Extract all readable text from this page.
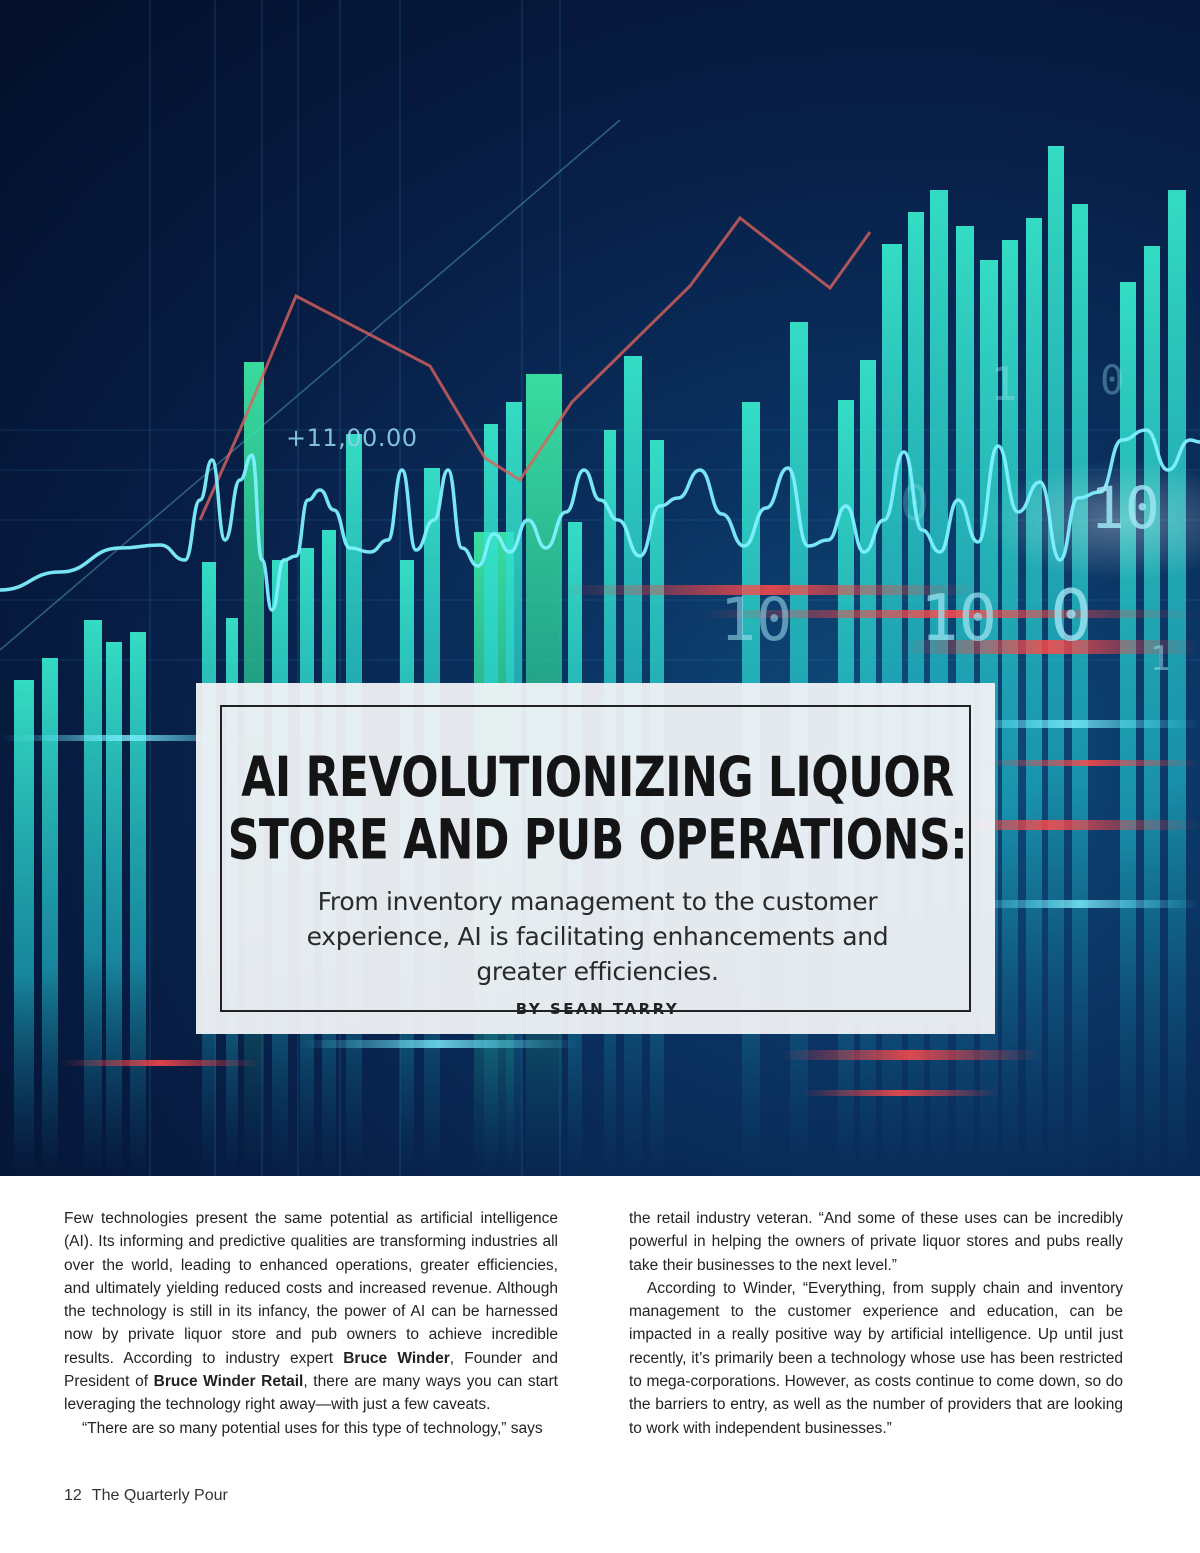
10
10 10 0
1 0
1
0
+11,00.00
AI REVOLUTIONIZING LIQUOR
STORE AND PUB OPERATIONS:

From inventory management to the customer
experience, AI is facilitating enhancements and
greater efficiencies.

BY SEAN TARRY

Few technologies present the same potential as artificial intelligence (AI). Its informing and predictive qualities are transforming industries all over the world, leading to enhanced operations, greater efficiencies, and ultimately yielding reduced costs and increased revenue. Although the technology is still in its infancy, the power of AI can be harnessed now by private liquor store and pub owners to achieve incredible results. According to industry expert Bruce Winder, Founder and President of Bruce Winder Retail, there are many ways you can start leveraging the technology right away—with just a few caveats.

“There are so many potential uses for this type of technology,” says

the retail industry veteran. “And some of these uses can be incredibly powerful in helping the owners of private liquor stores and pubs really take their businesses to the next level.”

According to Winder, “Everything, from supply chain and inventory management to the customer experience and education, can be impacted in a really positive way by artificial intelligence. Up until just recently, it’s primarily been a technology whose use has been restricted to mega-corporations. However, as costs continue to come down, so do the barriers to entry, as well as the number of providers that are looking to work with independent businesses.”

12 The Quarterly Pour
